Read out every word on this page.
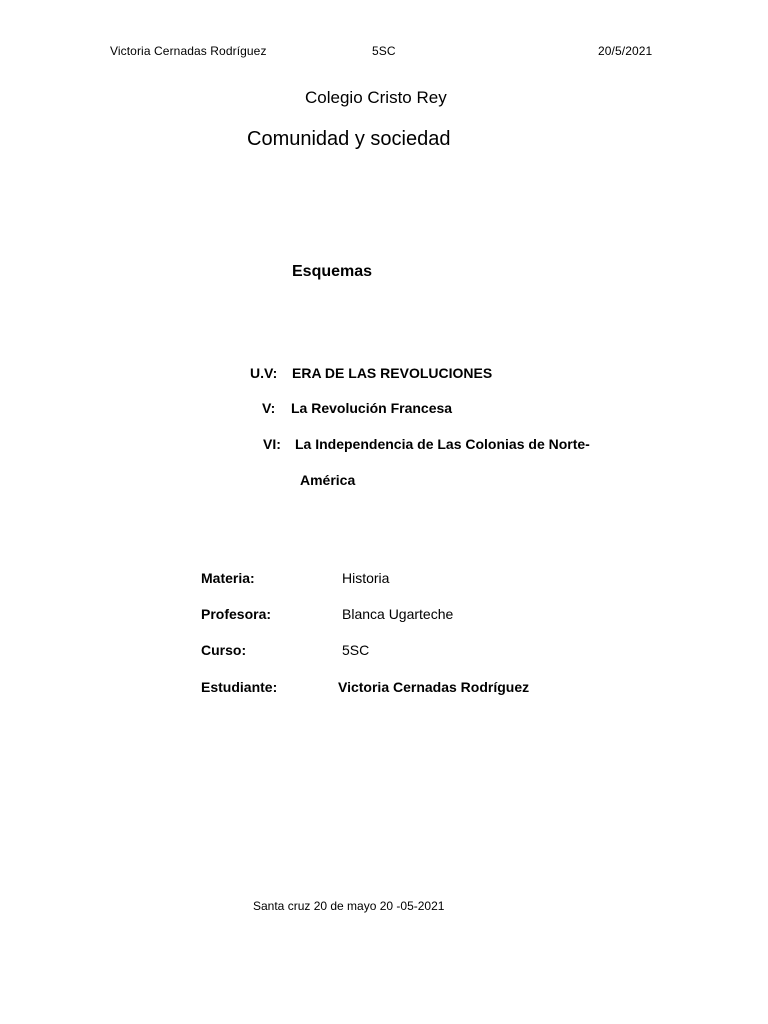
Victoria Cernadas Rodríguez	5SC	20/5/2021
Colegio Cristo Rey
Comunidad y sociedad
Esquemas
U.V: ERA DE LAS REVOLUCIONES
V: La Revolución Francesa
VI: La Independencia de Las Colonias de Norte-
América
Materia:	Historia
Profesora:	Blanca Ugarteche
Curso:	5SC
Estudiante:	Victoria Cernadas Rodríguez
Santa cruz 20 de mayo 20 -05-2021
